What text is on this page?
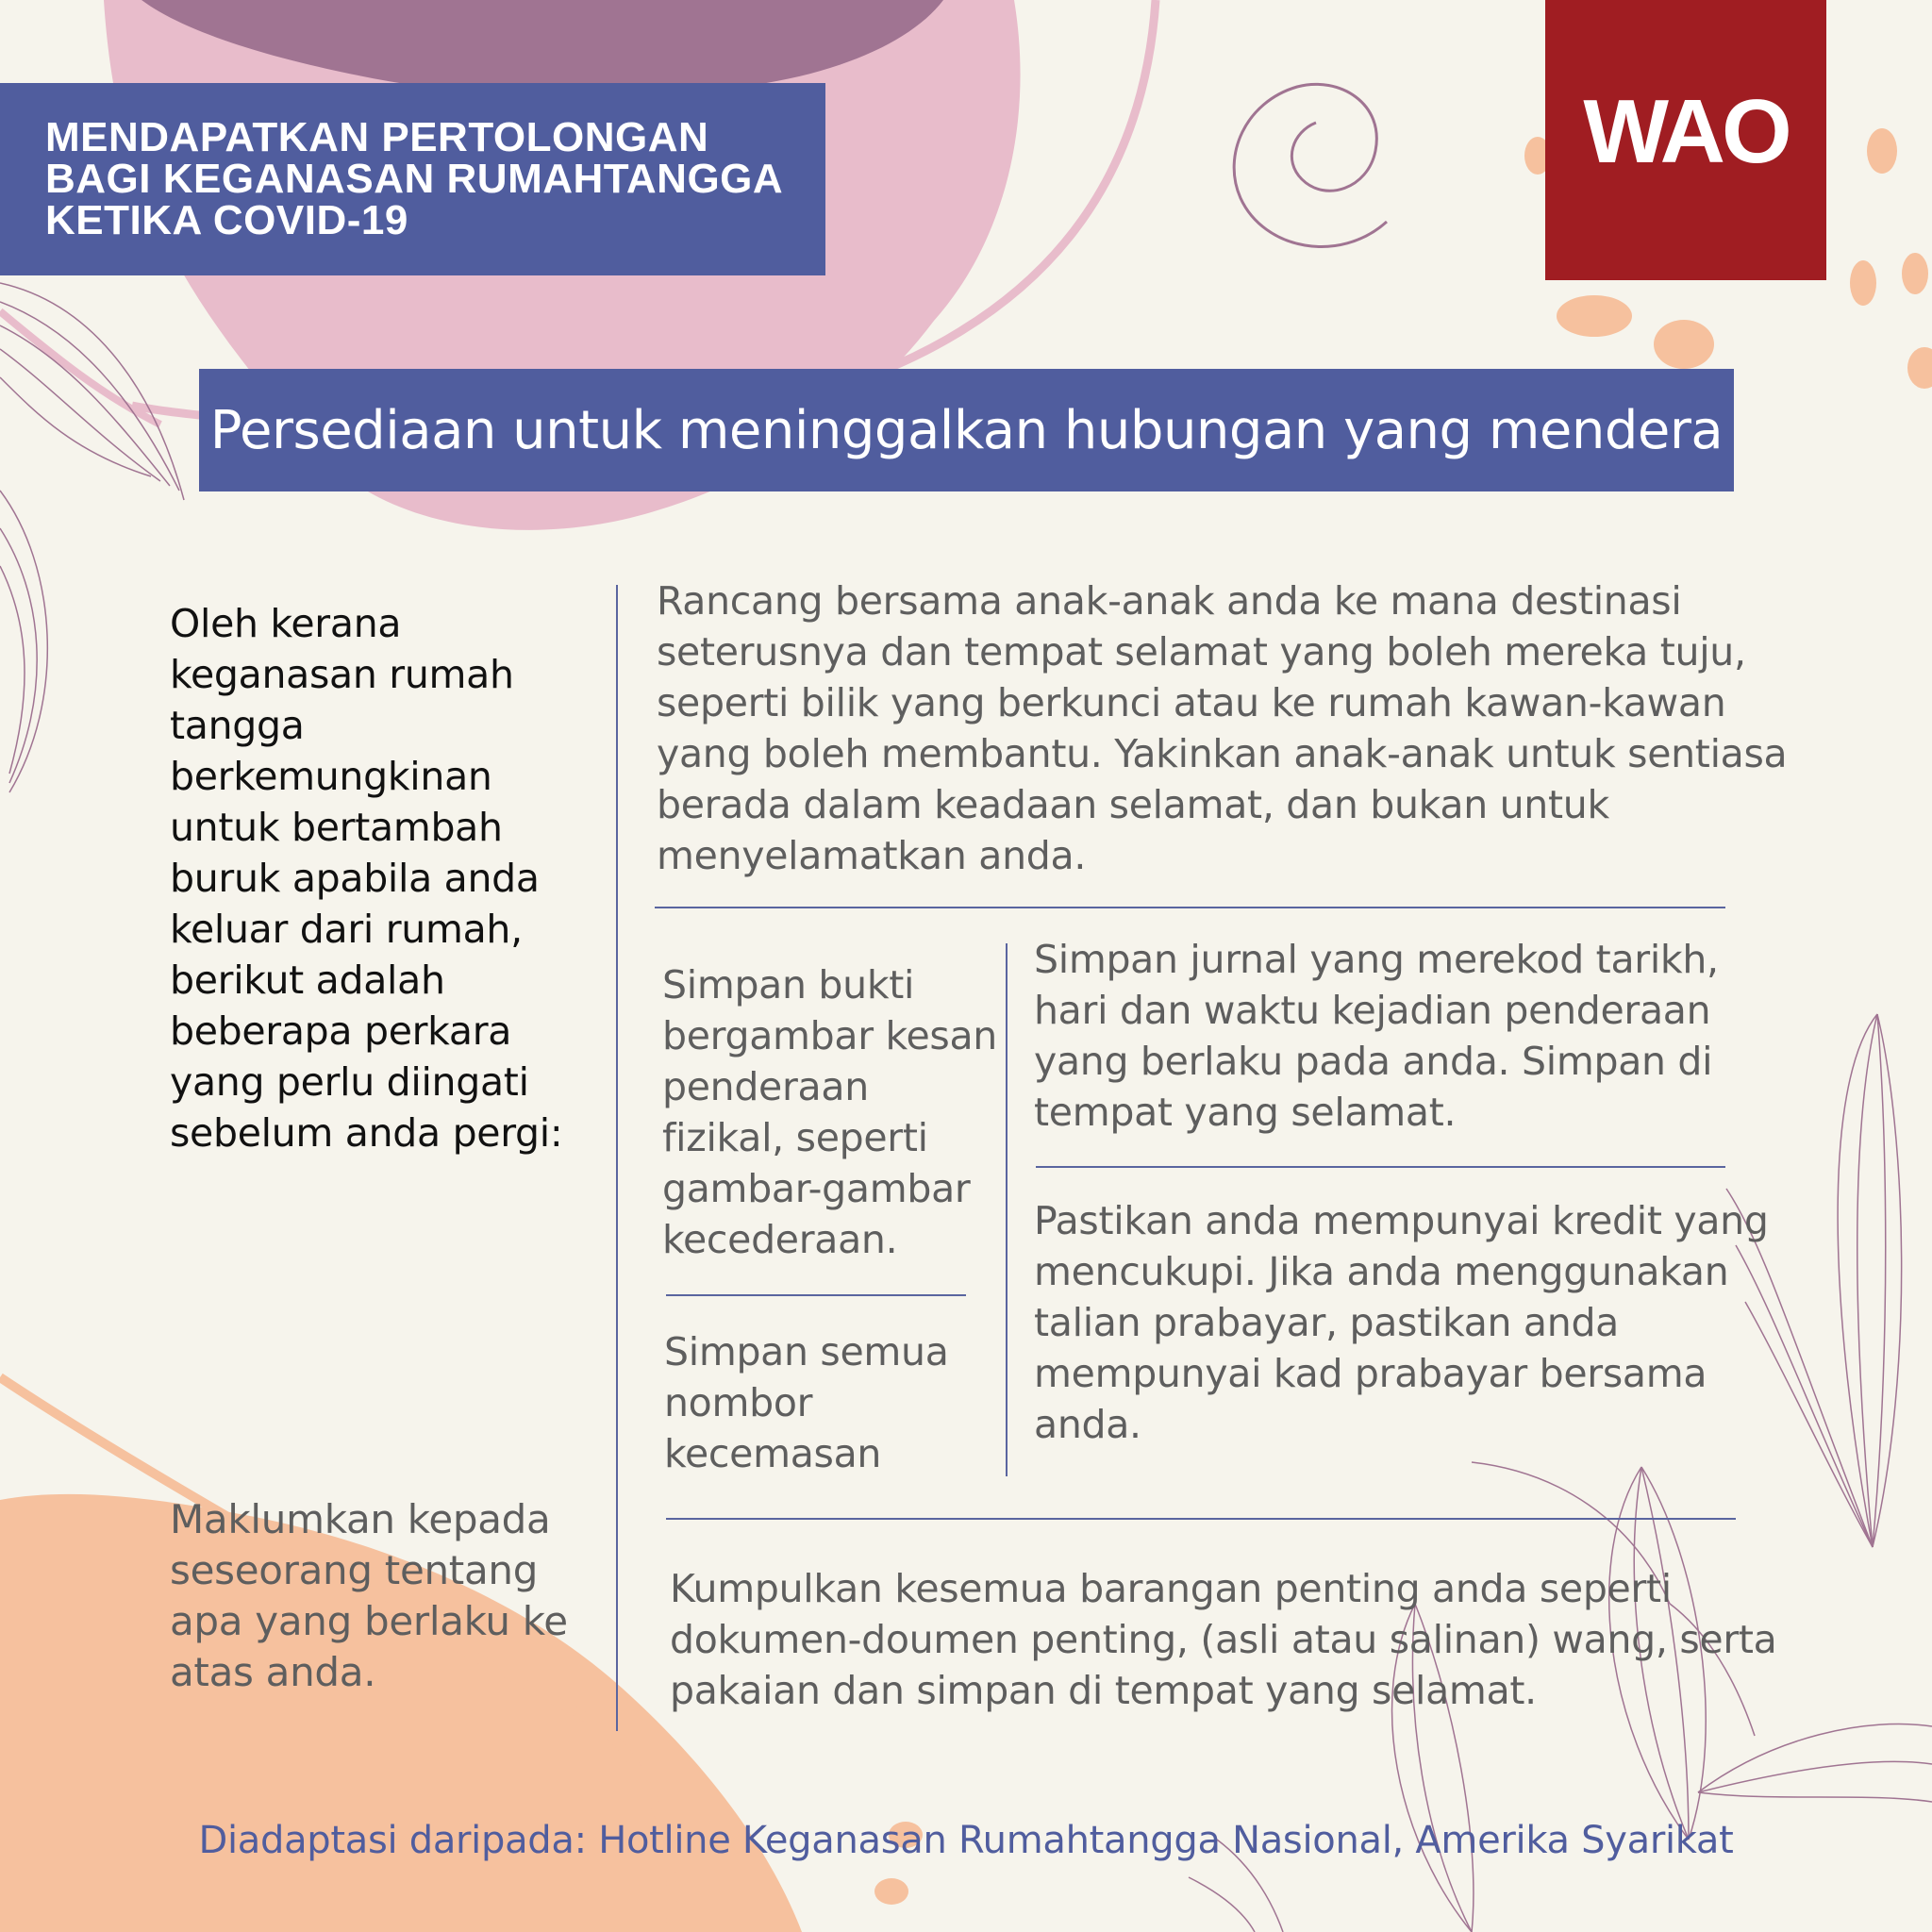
MENDAPATKAN PERTOLONGAN
BAGI KEGANASAN RUMAHTANGGA
KETIKA COVID-19
WAO
Persediaan untuk meninggalkan hubungan yang mendera
Oleh kerana keganasan rumah tangga berkemungkinan untuk bertambah buruk apabila anda keluar dari rumah, berikut adalah beberapa perkara yang perlu diingati sebelum anda pergi:
Maklumkan kepada seseorang tentang apa yang berlaku ke atas anda.
Rancang bersama anak-anak anda ke mana destinasi seterusnya dan tempat selamat yang boleh mereka tuju, seperti bilik yang berkunci atau ke rumah kawan-kawan yang boleh membantu. Yakinkan anak-anak untuk sentiasa berada dalam keadaan selamat, dan bukan untuk menyelamatkan anda.
Simpan bukti bergambar kesan penderaan fizikal, seperti gambar-gambar kecederaan.
Simpan semua nombor kecemasan
Simpan jurnal yang merekod tarikh, hari dan waktu kejadian penderaan yang berlaku pada anda. Simpan di tempat yang selamat.
Pastikan anda mempunyai kredit yang mencukupi. Jika anda menggunakan talian prabayar, pastikan anda mempunyai kad prabayar bersama anda.
Kumpulkan kesemua barangan penting anda seperti dokumen-doumen penting, (asli atau salinan) wang, serta pakaian dan simpan di tempat yang selamat.
Diadaptasi daripada: Hotline Keganasan Rumahtangga Nasional, Amerika Syarikat
